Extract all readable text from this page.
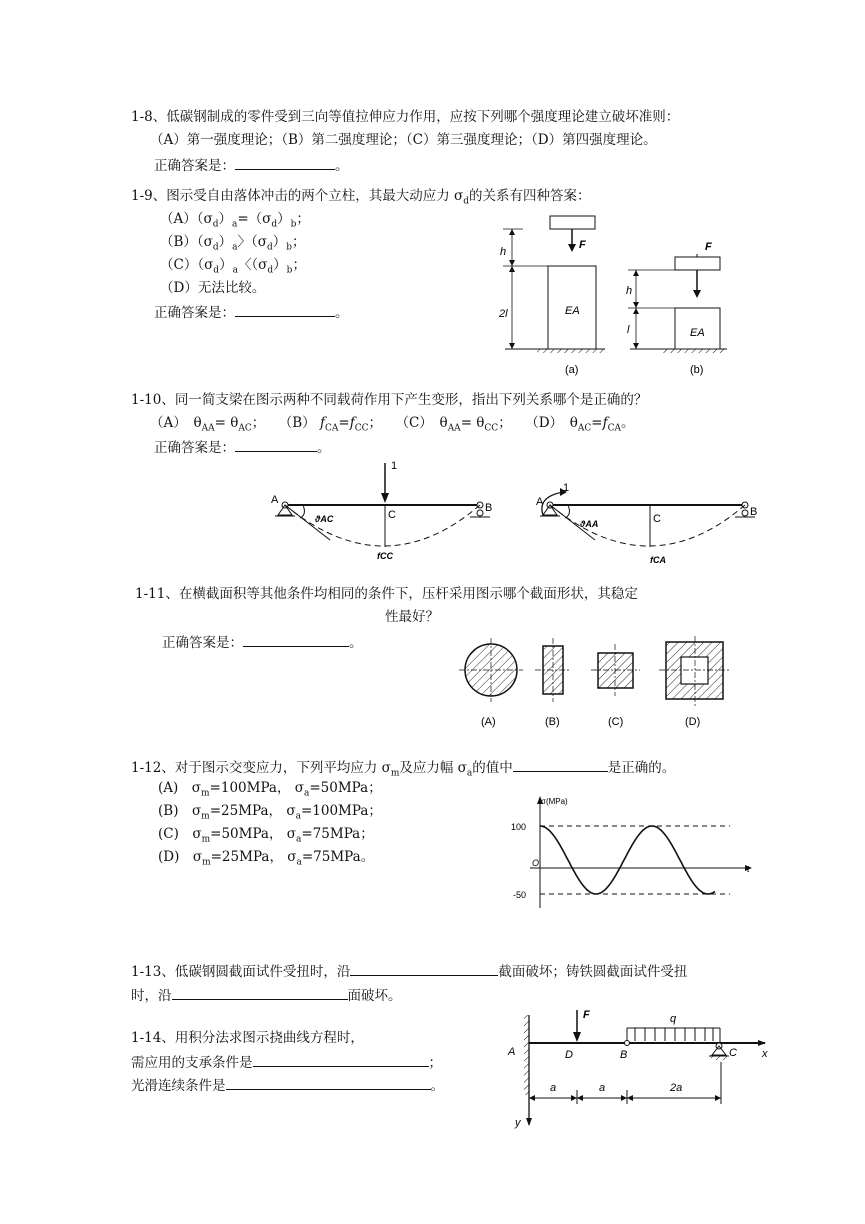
1-8、低碳钢制成的零件受到三向等值拉伸应力作用，应按下列哪个强度理论建立破坏准则：
（A）第一强度理论；（B）第二强度理论；（C）第三强度理论；（D）第四强度理论。
正确答案是：	。
1-9、图示受自由落体冲击的两个立柱，其最大动应力 $\sigma_d$的关系有四种答案：
$(A)(\sigma_d)_a=(\sigma_d)_b$；
$(B)(\sigma_d)_a$〉$(\sigma_d)_b$；
$(C)(\sigma_d)_a$〈$(\sigma_d)_b$；
（D）无法比较。
正确答案是：	。
F
EA
h
2l
(a)
F
EA
h
l
(b)
1-10、同一简支梁在图示两种不同载荷作用下产生变形，指出下列关系哪个是正确的？
（A）　$\theta_{AA}= \theta_{AC}$；　　（B） $f_{CA}=f_{CC}$；　　（C）　$\theta_{AA}= \theta_{CC}$；　　（D）　$\theta_{AC}=f_{CA}$。
正确答案是：	。
A
B
1
C
ϑAC
fCC
A
B
1
C
ϑAA
fCA
1-11、在横截面积等其他条件均相同的条件下，压杆采用图示哪个截面形状，其稳定
性最好？
正确答案是：	。
(A)	(B)	(C)	(D)
1-12、对于图示交变应力，下列平均应力 $\sigma_m$及应力幅 $\sigma_a$的值中	是正确的。
(A)　$\sigma_m=100MPa$， $\sigma_a=50MPa$；
(B)　$\sigma_m=25MPa$， $\sigma_a=100MPa$；
(C)　$\sigma_m=50MPa$， $\sigma_a=75MPa$；
(D)　$\sigma_m=25MPa$， $\sigma_a=75MPa$。
σ(MPa)
t
O
100
-50
1-13、低碳钢圆截面试件受扭时，沿	截面破坏；铸铁圆截面试件受扭
时，沿	面破坏。
1-14、用积分法求图示挠曲线方程时，
需应用的支承条件是	；
光滑连续条件是	。
x
y
A
F
D
q
B	C
a	a	2a
